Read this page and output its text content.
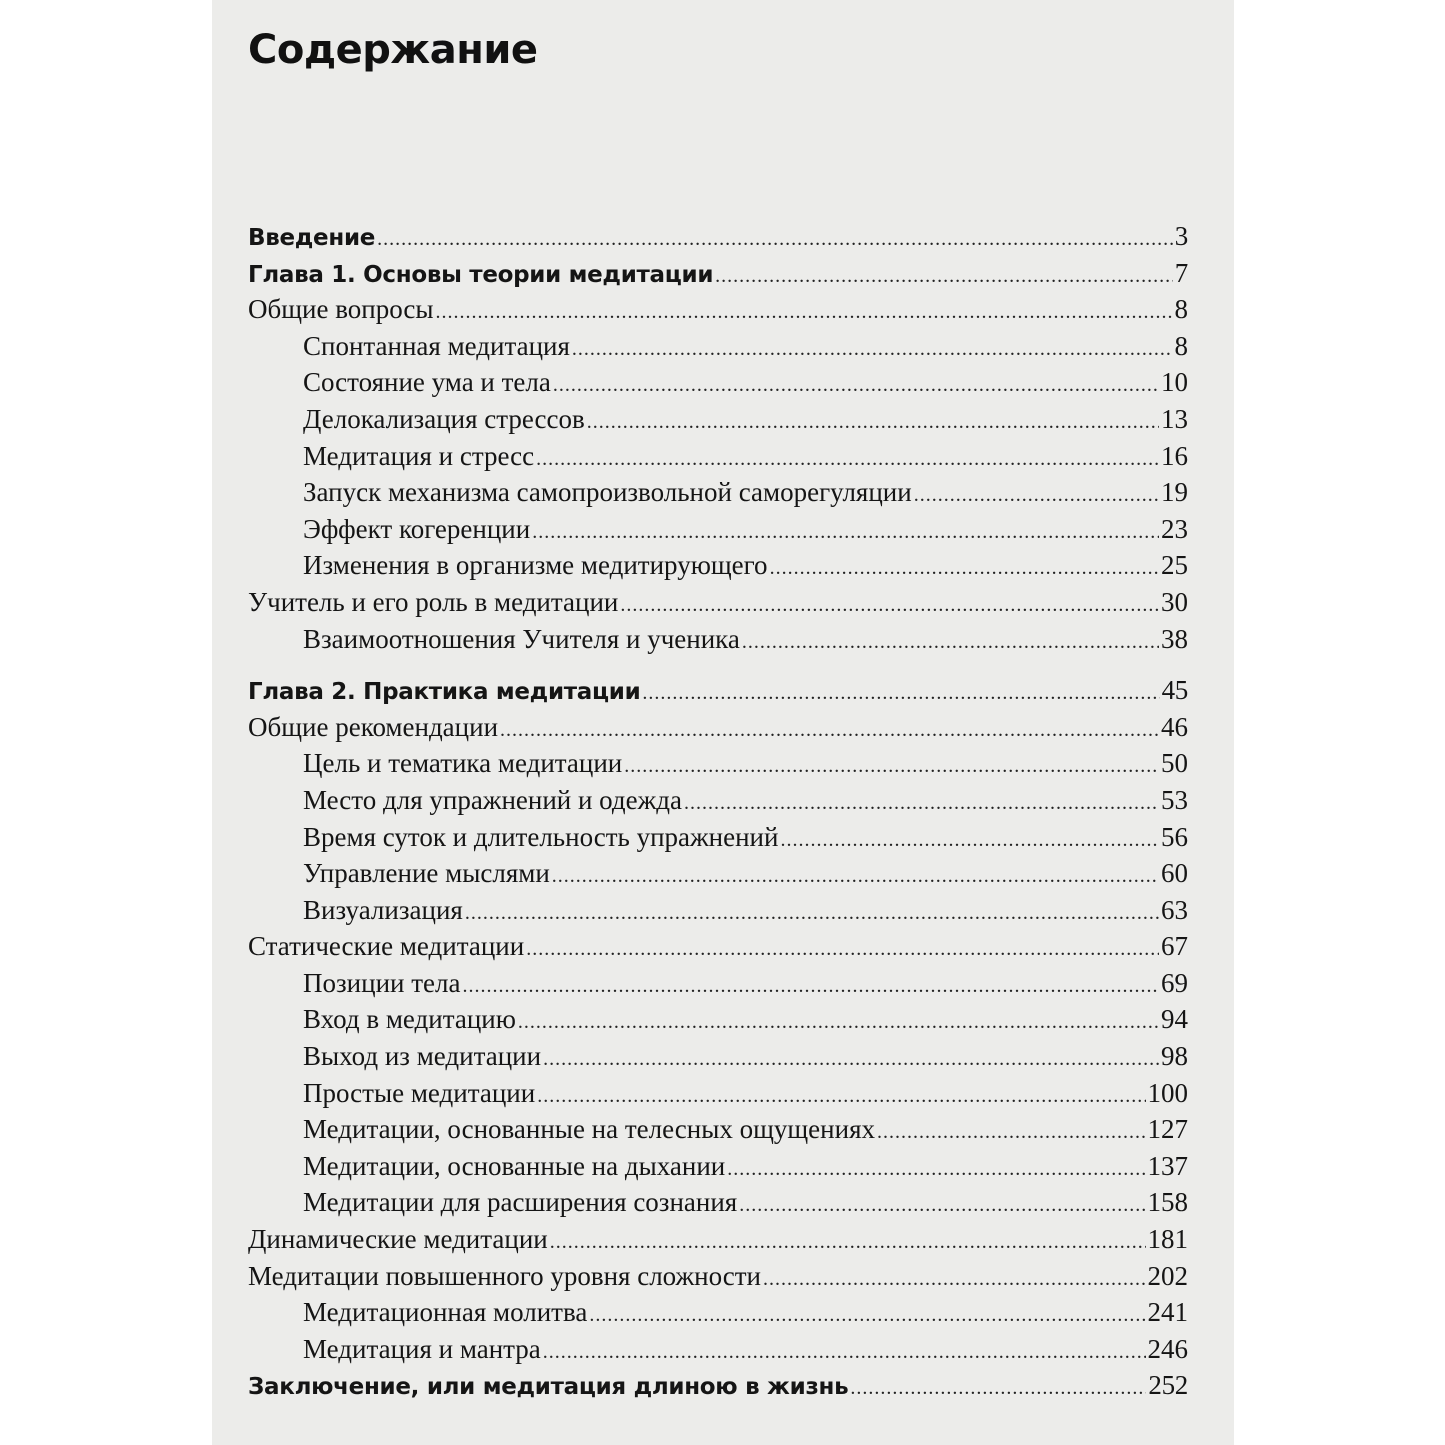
Содержание
Введение .....	3
Глава 1. Основы теории медитации .....	7
Общие вопросы .....	8
Спонтанная медитация .....	8
Состояние ума и тела .....	10
Делокализация стрессов .....	13
Медитация и стресс .....	16
Запуск механизма самопроизвольной саморегуляции .....	19
Эффект когеренции .....	23
Изменения в организме медитирующего .....	25
Учитель и его роль в медитации .....	30
Взаимоотношения Учителя и ученика .....	38
Глава 2. Практика медитации .....	45
Общие рекомендации .....	46
Цель и тематика медитации .....	50
Место для упражнений и одежда .....	53
Время суток и длительность упражнений .....	56
Управление мыслями .....	60
Визуализация .....	63
Статические медитации .....	67
Позиции тела .....	69
Вход в медитацию .....	94
Выход из медитации .....	98
Простые медитации .....	100
Медитации, основанные на телесных ощущениях .....	127
Медитации, основанные на дыхании .....	137
Медитации для расширения сознания .....	158
Динамические медитации .....	181
Медитации повышенного уровня сложности .....	202
Медитационная молитва .....	241
Медитация и мантра .....	246
Заключение, или медитация длиною в жизнь .....	252
